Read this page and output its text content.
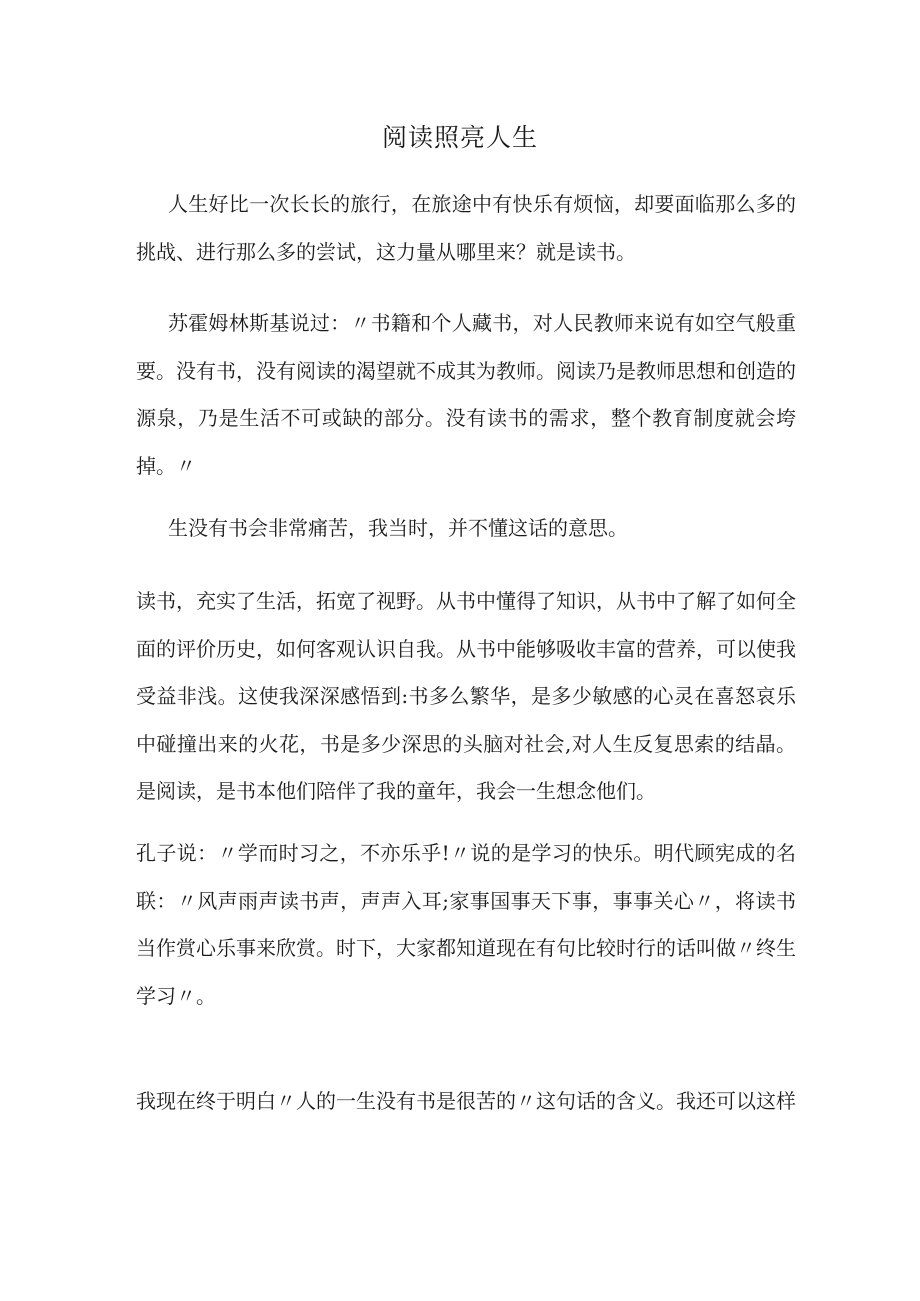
阅读照亮人生

人生好比一次长长的旅行，在旅途中有快乐有烦恼，却要面临那么多的挑战、进行那么多的尝试，这力量从哪里来？就是读书。

苏霍姆林斯基说过：〃书籍和个人藏书，对人民教师来说有如空气般重要。没有书，没有阅读的渴望就不成其为教师。阅读乃是教师思想和创造的源泉，乃是生活不可或缺的部分。没有读书的需求，整个教育制度就会垮掉。〃

生没有书会非常痛苦，我当时，并不懂这话的意思。

读书，充实了生活，拓宽了视野。从书中懂得了知识，从书中了解了如何全面的评价历史，如何客观认识自我。从书中能够吸收丰富的营养，可以使我受益非浅。这使我深深感悟到:书多么繁华，是多少敏感的心灵在喜怒哀乐中碰撞出来的火花，书是多少深思的头脑对社会,对人生反复思索的结晶。是阅读，是书本他们陪伴了我的童年，我会一生想念他们。

孔子说：〃学而时习之，不亦乐乎!〃说的是学习的快乐。明代顾宪成的名联：〃风声雨声读书声，声声入耳;家事国事天下事，事事关心〃，将读书当作赏心乐事来欣赏。时下，大家都知道现在有句比较时行的话叫做〃终生学习〃。

我现在终于明白〃人的一生没有书是很苦的〃这句话的含义。我还可以这样
